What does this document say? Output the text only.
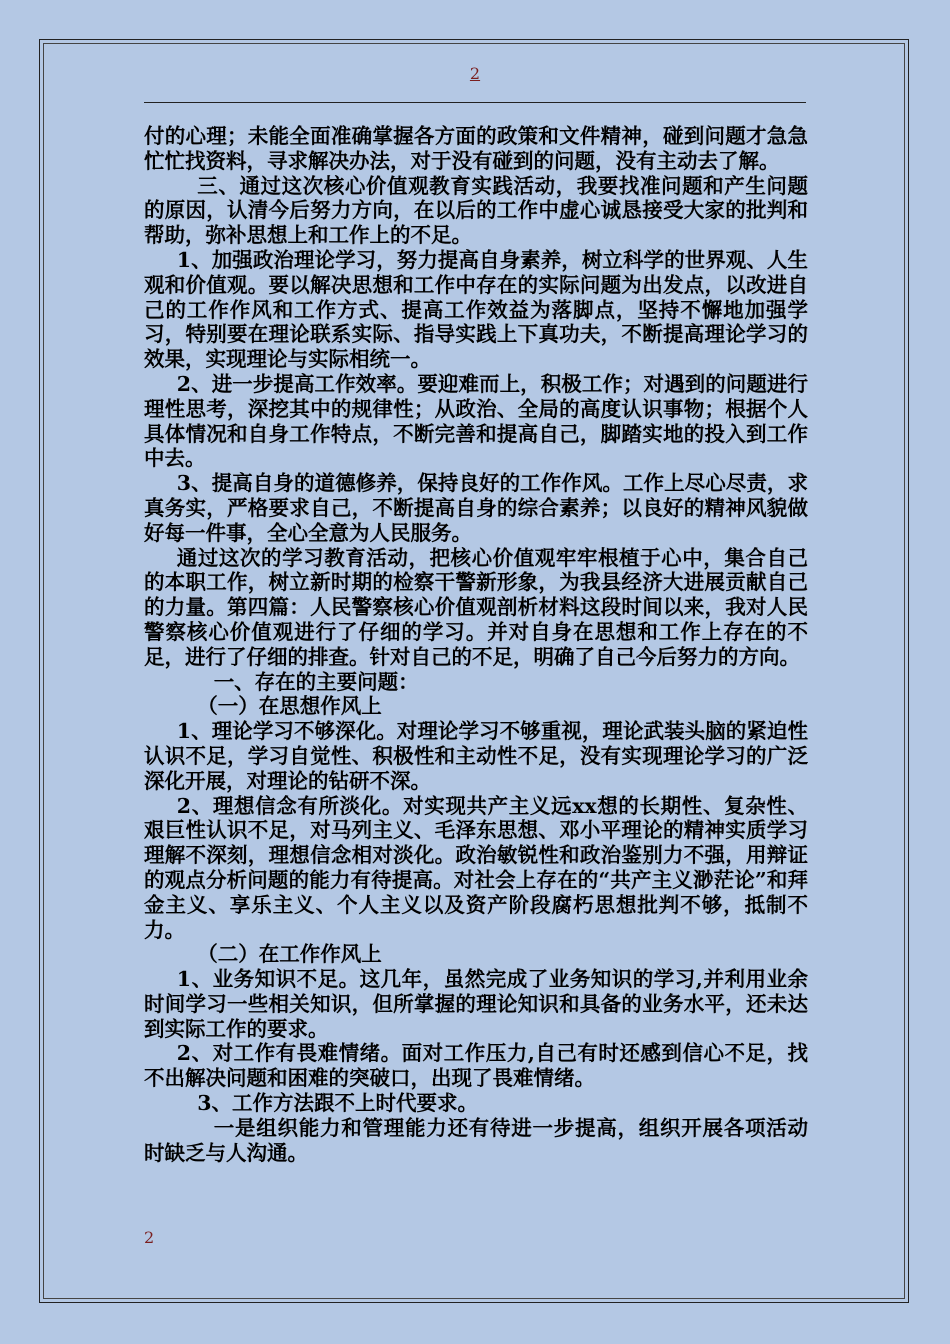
2

付的心理；未能全面准确掌握各方面的政策和文件精神，碰到问题才急急忙忙找资料，寻求解决办法，对于没有碰到的问题，没有主动去了解。

三、通过这次核心价值观教育实践活动，我要找准问题和产生问题的原因，认清今后努力方向，在以后的工作中虚心诚恳接受大家的批判和帮助，弥补思想上和工作上的不足。

1、加强政治理论学习，努力提高自身素养，树立科学的世界观、人生观和价值观。要以解决思想和工作中存在的实际问题为出发点，以改进自己的工作作风和工作方式、提高工作效益为落脚点，坚持不懈地加强学习，特别要在理论联系实际、指导实践上下真功夫，不断提高理论学习的效果，实现理论与实际相统一。

2、进一步提高工作效率。要迎难而上，积极工作；对遇到的问题进行理性思考，深挖其中的规律性；从政治、全局的高度认识事物；根据个人具体情况和自身工作特点，不断完善和提高自己，脚踏实地的投入到工作中去。

3、提高自身的道德修养，保持良好的工作作风。工作上尽心尽责，求真务实，严格要求自己，不断提高自身的综合素养；以良好的精神风貌做好每一件事，全心全意为人民服务。

通过这次的学习教育活动，把核心价值观牢牢根植于心中，集合自己的本职工作，树立新时期的检察干警新形象，为我县经济大进展贡献自己的力量。第四篇：人民警察核心价值观剖析材料这段时间以来，我对人民警察核心价值观进行了仔细的学习。并对自身在思想和工作上存在的不足，进行了仔细的排查。针对自己的不足，明确了自己今后努力的方向。

一、存在的主要问题：

（一）在思想作风上

1、理论学习不够深化。对理论学习不够重视，理论武装头脑的紧迫性认识不足，学习自觉性、积极性和主动性不足，没有实现理论学习的广泛深化开展，对理论的钻研不深。

2、理想信念有所淡化。对实现共产主义远xx想的长期性、复杂性、艰巨性认识不足，对马列主义、毛泽东思想、邓小平理论的精神实质学习理解不深刻，理想信念相对淡化。政治敏锐性和政治鉴别力不强，用辩证的观点分析问题的能力有待提高。对社会上存在的“共产主义渺茫论”和拜金主义、享乐主义、个人主义以及资产阶段腐朽思想批判不够，抵制不力。

（二）在工作作风上

1、业务知识不足。这几年，虽然完成了业务知识的学习,并利用业余时间学习一些相关知识，但所掌握的理论知识和具备的业务水平，还未达到实际工作的要求。

2、对工作有畏难情绪。面对工作压力,自己有时还感到信心不足，找不出解决问题和困难的突破口，出现了畏难情绪。

3、工作方法跟不上时代要求。

一是组织能力和管理能力还有待进一步提高，组织开展各项活动时缺乏与人沟通。

2
